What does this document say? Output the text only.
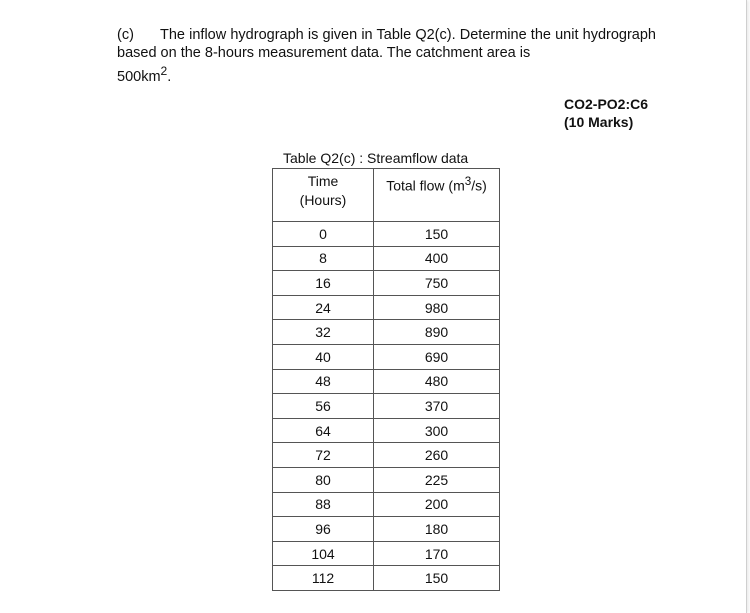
(c) The inflow hydrograph is given in Table Q2(c). Determine the unit hydrograph based on the 8-hours measurement data. The catchment area is
$500km^2$.
CO2-PO2:C6
(10 Marks)
Table Q2(c) : Streamflow data
Time
(Hours)	Total flow $(m^3/s)$
0	150
8	400
16	750
24	980
32	890
40	690
48	480
56	370
64	300
72	260
80	225
88	200
96	180
104	170
112	150
